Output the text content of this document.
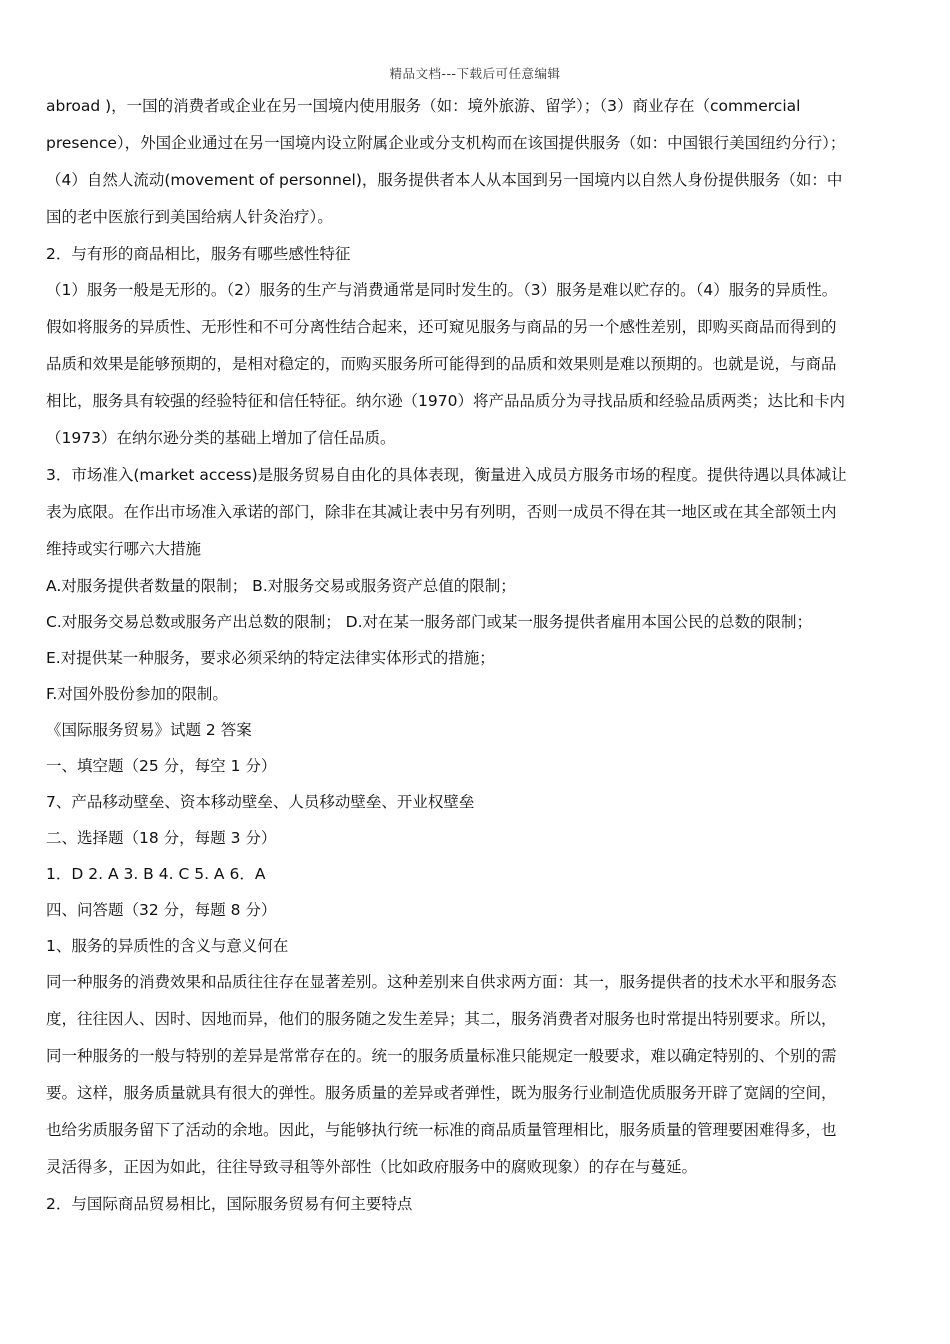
精品文档---下载后可任意编辑
abroad )，一国的消费者或企业在另一国境内使用服务（如：境外旅游、留学）；（3）商业存在（commercial
presence），外国企业通过在另一国境内设立附属企业或分支机构而在该国提供服务（如：中国银行美国纽约分行）；
（4）自然人流动(movement of personnel)，服务提供者本人从本国到另一国境内以自然人身份提供服务（如：中
国的老中医旅行到美国给病人针灸治疗）。
2．与有形的商品相比，服务有哪些感性特征
（1）服务一般是无形的。（2）服务的生产与消费通常是同时发生的。（3）服务是难以贮存的。（4）服务的异质性。
假如将服务的异质性、无形性和不可分离性结合起来，还可窥见服务与商品的另一个感性差别，即购买商品而得到的
品质和效果是能够预期的，是相对稳定的，而购买服务所可能得到的品质和效果则是难以预期的。也就是说，与商品
相比，服务具有较强的经验特征和信任特征。纳尔逊（1970）将产品品质分为寻找品质和经验品质两类；达比和卡内
（1973）在纳尔逊分类的基础上增加了信任品质。
3．市场准入(market access)是服务贸易自由化的具体表现，衡量进入成员方服务市场的程度。提供待遇以具体减让
表为底限。在作出市场准入承诺的部门，除非在其减让表中另有列明，否则一成员不得在其一地区或在其全部领土内
维持或实行哪六大措施
A.对服务提供者数量的限制； B.对服务交易或服务资产总值的限制；
C.对服务交易总数或服务产出总数的限制； D.对在某一服务部门或某一服务提供者雇用本国公民的总数的限制；
E.对提供某一种服务，要求必须采纳的特定法律实体形式的措施；
F.对国外股份参加的限制。
《国际服务贸易》试题 2 答案
一、填空题（25 分，每空 1 分）
7、产品移动壁垒、资本移动壁垒、人员移动壁垒、开业权壁垒
二、选择题（18 分，每题 3 分）
1．D 2. A 3. B 4. C 5. A 6．A
四、问答题（32 分，每题 8 分）
1、服务的异质性的含义与意义何在
同一种服务的消费效果和品质往往存在显著差别。这种差别来自供求两方面：其一，服务提供者的技术水平和服务态
度，往往因人、因时、因地而异，他们的服务随之发生差异；其二，服务消费者对服务也时常提出特别要求。所以，
同一种服务的一般与特别的差异是常常存在的。统一的服务质量标准只能规定一般要求，难以确定特别的、个别的需
要。这样，服务质量就具有很大的弹性。服务质量的差异或者弹性，既为服务行业制造优质服务开辟了宽阔的空间，
也给劣质服务留下了活动的余地。因此，与能够执行统一标准的商品质量管理相比，服务质量的管理要困难得多，也
灵活得多，正因为如此，往往导致寻租等外部性（比如政府服务中的腐败现象）的存在与蔓延。
2．与国际商品贸易相比，国际服务贸易有何主要特点
